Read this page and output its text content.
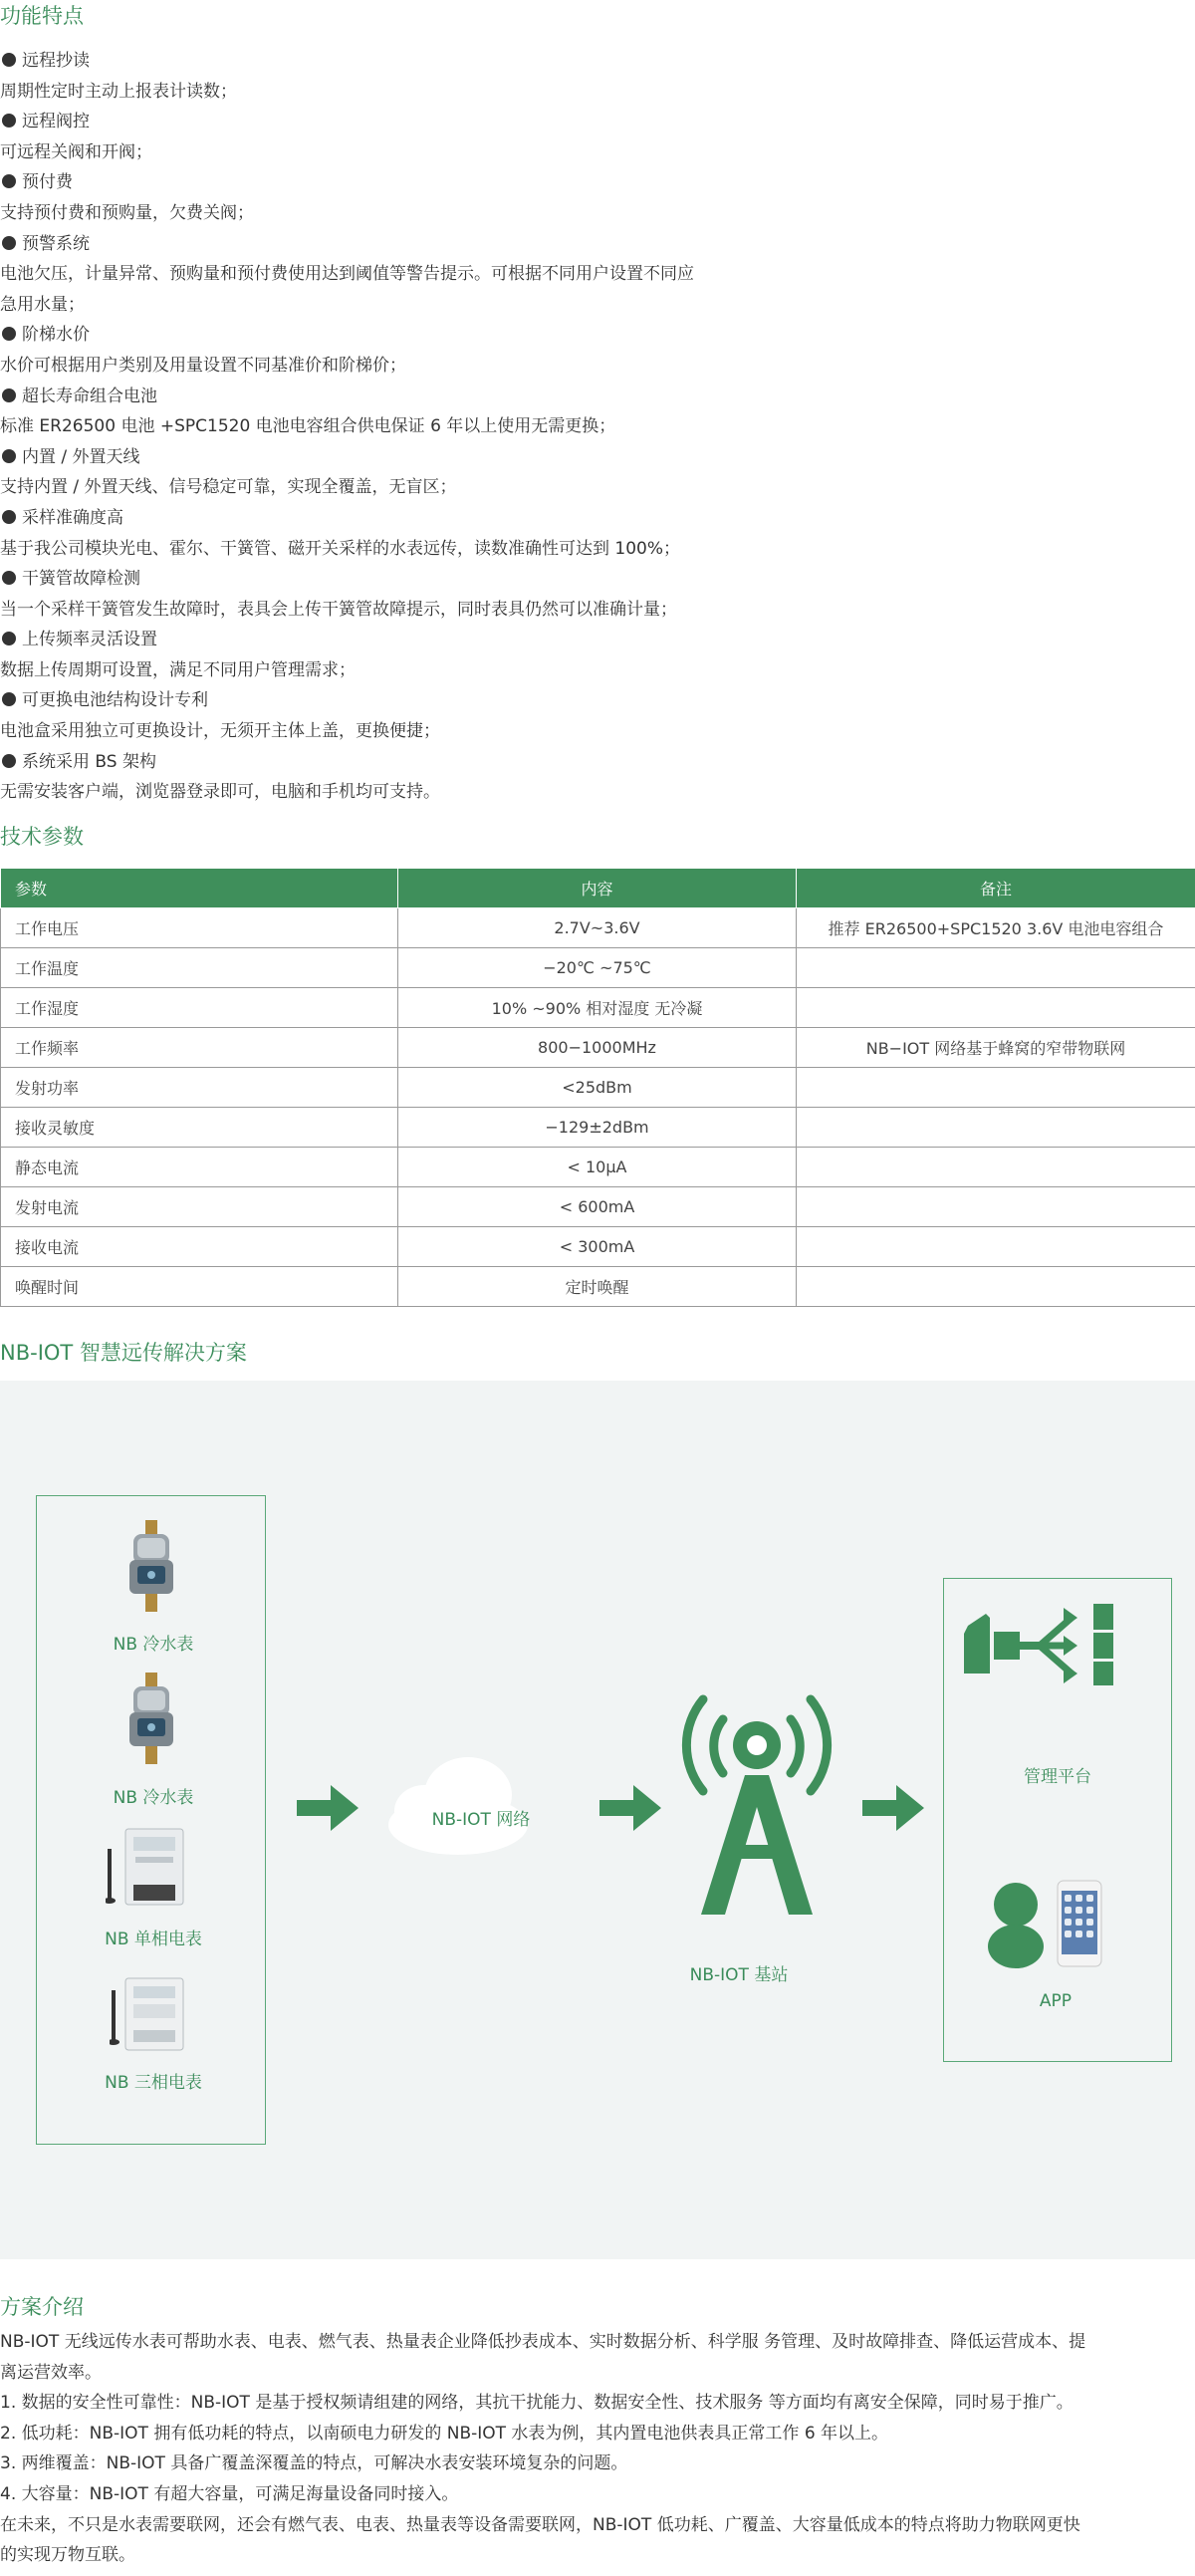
功能特点
远程抄读
周期性定时主动上报表计读数；
远程阀控
可远程关阀和开阀；
预付费
支持预付费和预购量，欠费关阀；
预警系统
电池欠压，计量异常、预购量和预付费使用达到阈值等警告提示。可根据不同用户设置不同应
急用水量；
阶梯水价
水价可根据用户类别及用量设置不同基准价和阶梯价；
超长寿命组合电池
标准 ER26500 电池 +SPC1520 电池电容组合供电保证 6 年以上使用无需更换；
内置 / 外置天线
支持内置 / 外置天线、信号稳定可靠，实现全覆盖，无盲区；
采样准确度高
基于我公司模块光电、霍尔、干簧管、磁开关采样的水表远传，读数准确性可达到 100%；
干簧管故障检测
当一个采样干簧管发生故障时，表具会上传干簧管故障提示，同时表具仍然可以准确计量；
上传频率灵活设置
数据上传周期可设置，满足不同用户管理需求；
可更换电池结构设计专利
电池盒采用独立可更换设计，无须开主体上盖，更换便捷；
系统采用 BS 架构
无需安装客户端，浏览器登录即可，电脑和手机均可支持。
技术参数
参数	内容	备注
工作电压	2.7V~3.6V	推荐 ER26500+SPC1520 3.6V 电池电容组合
工作温度	−20℃ ~75℃	
工作湿度	10% ~90% 相对湿度 无冷凝	
工作频率	800−1000MHz	NB−IOT 网络基于蜂窝的窄带物联网
发射功率	<25dBm	
接收灵敏度	−129±2dBm	
静态电流	< 10μA	
发射电流	< 600mA	
接收电流	< 300mA	
唤醒时间	定时唤醒	
NB-IOT 智慧远传解决方案
NB 冷水表
NB 冷水表
NB 单相电表
NB 三相电表
NB-IOT 网络
NB-IOT 基站
管理平台
APP
方案介绍
NB-IOT 无线远传水表可帮助水表、电表、燃气表、热量表企业降低抄表成本、实时数据分析、科学服 务管理、及时故障排查、降低运营成本、提
离运营效率。
1. 数据的安全性可靠性：NB-IOT 是基于授权频请组建的网络，其抗干扰能力、数据安全性、技术服务 等方面均有离安全保障，同时易于推广。
2. 低功耗：NB-IOT 拥有低功耗的特点，以南硕电力研发的 NB-IOT 水表为例，其内置电池供表具正常工作 6 年以上。
3. 两维覆盖：NB-IOT 具备广覆盖深覆盖的特点，可解决水表安装环境复杂的问题。
4. 大容量：NB-IOT 有超大容量，可满足海量设备同时接入。
在未来，不只是水表需要联网，还会有燃气表、电表、热量表等设备需要联网，NB-IOT 低功耗、广覆盖、大容量低成本的特点将助力物联网更快
的实现万物互联。
